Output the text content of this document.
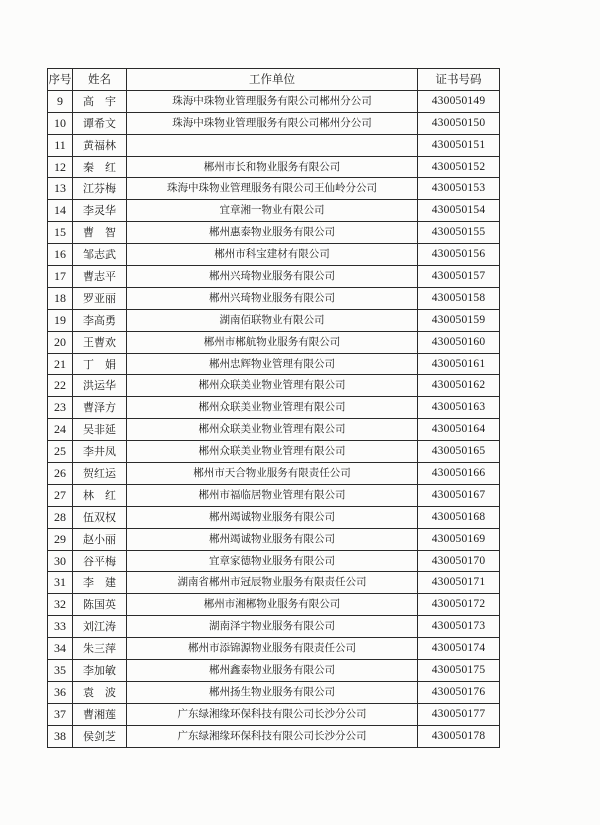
序号	姓名	工作单位	证书号码
9	高　宇	珠海中珠物业管理服务有限公司郴州分公司	430050149
10	谭希文	珠海中珠物业管理服务有限公司郴州分公司	430050150
11	黄福林		430050151
12	秦　红	郴州市长和物业服务有限公司	430050152
13	江芬梅	珠海中珠物业管理服务有限公司王仙岭分公司	430050153
14	李灵华	宜章湘一物业有限公司	430050154
15	曹　智	郴州惠泰物业服务有限公司	430050155
16	邹志武	郴州市科宝建材有限公司	430050156
17	曹志平	郴州兴琦物业服务有限公司	430050157
18	罗亚丽	郴州兴琦物业服务有限公司	430050158
19	李高勇	湖南佰联物业有限公司	430050159
20	王曹欢	郴州市郴航物业服务有限公司	430050160
21	丁　娟	郴州忠辉物业管理有限公司	430050161
22	洪运华	郴州众联美业物业管理有限公司	430050162
23	曹泽方	郴州众联美业物业管理有限公司	430050163
24	吴非延	郴州众联美业物业管理有限公司	430050164
25	李井凤	郴州众联美业物业管理有限公司	430050165
26	贺红运	郴州市天合物业服务有限责任公司	430050166
27	林　红	郴州市福临居物业管理有限公司	430050167
28	伍双权	郴州竭诚物业服务有限公司	430050168
29	赵小丽	郴州竭诚物业服务有限公司	430050169
30	谷平梅	宜章家德物业服务有限公司	430050170
31	李　建	湖南省郴州市冠辰物业服务有限责任公司	430050171
32	陈国英	郴州市湘郴物业服务有限公司	430050172
33	刘江涛	湖南泽宇物业服务有限公司	430050173
34	朱三萍	郴州市添锦源物业服务有限责任公司	430050174
35	李加敏	郴州鑫泰物业服务有限公司	430050175
36	袁　波	郴州扬生物业服务有限公司	430050176
37	曹湘莲	广东绿湘缘环保科技有限公司长沙分公司	430050177
38	侯剑芝	广东绿湘缘环保科技有限公司长沙分公司	430050178
